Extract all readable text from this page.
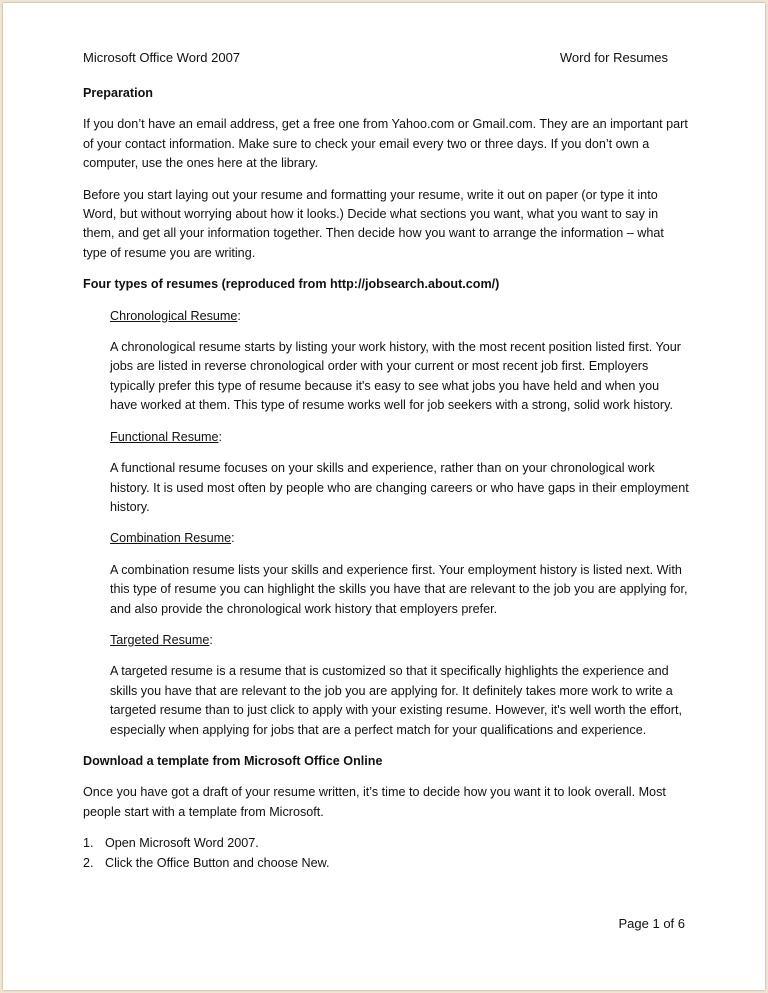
Microsoft Office Word 2007	Word for Resumes
Preparation
If you don’t have an email address, get a free one from Yahoo.com or Gmail.com. They are an important part of your contact information. Make sure to check your email every two or three days. If you don’t own a computer, use the ones here at the library.
Before you start laying out your resume and formatting your resume, write it out on paper (or type it into Word, but without worrying about how it looks.) Decide what sections you want, what you want to say in them, and get all your information together. Then decide how you want to arrange the information – what type of resume you are writing.
Four types of resumes (reproduced from http://jobsearch.about.com/)
Chronological Resume:
A chronological resume starts by listing your work history, with the most recent position listed first. Your jobs are listed in reverse chronological order with your current or most recent job first. Employers typically prefer this type of resume because it's easy to see what jobs you have held and when you have worked at them. This type of resume works well for job seekers with a strong, solid work history.
Functional Resume:
A functional resume focuses on your skills and experience, rather than on your chronological work history. It is used most often by people who are changing careers or who have gaps in their employment history.
Combination Resume:
A combination resume lists your skills and experience first. Your employment history is listed next. With this type of resume you can highlight the skills you have that are relevant to the job you are applying for, and also provide the chronological work history that employers prefer.
Targeted Resume:
A targeted resume is a resume that is customized so that it specifically highlights the experience and skills you have that are relevant to the job you are applying for. It definitely takes more work to write a targeted resume than to just click to apply with your existing resume. However, it's well worth the effort, especially when applying for jobs that are a perfect match for your qualifications and experience.
Download a template from Microsoft Office Online
Once you have got a draft of your resume written, it’s time to decide how you want it to look overall. Most people start with a template from Microsoft.
1. Open Microsoft Word 2007.
2. Click the Office Button and choose New.
Page 1 of 6
